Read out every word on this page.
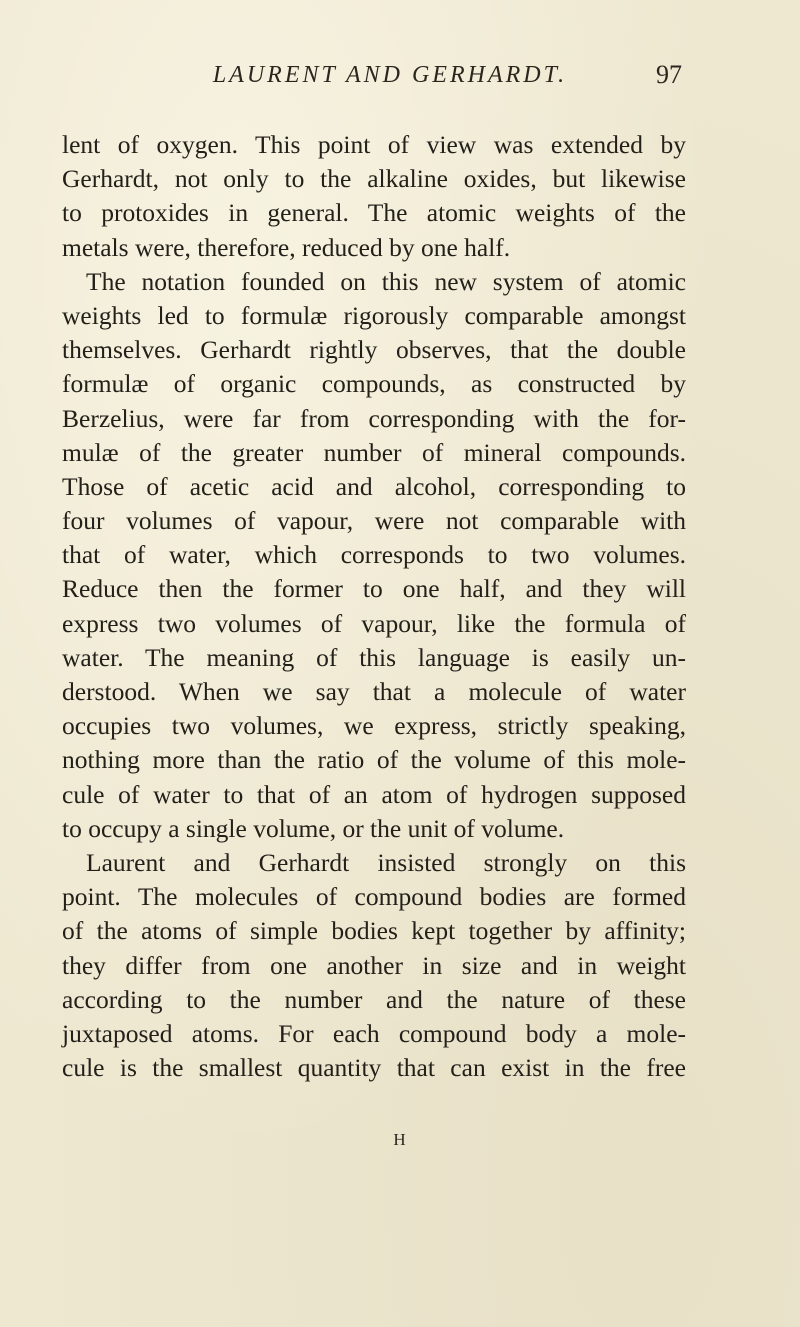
LAURENT AND GERHARDT.	97
lent of oxygen. This point of view was extended by
Gerhardt, not only to the alkaline oxides, but likewise
to protoxides in general. The atomic weights of the
metals were, therefore, reduced by one half.
The notation founded on this new system of atomic
weights led to formulæ rigorously comparable amongst
themselves. Gerhardt rightly observes, that the double
formulæ of organic compounds, as constructed by
Berzelius, were far from corresponding with the for-
mulæ of the greater number of mineral compounds.
Those of acetic acid and alcohol, corresponding to
four volumes of vapour, were not comparable with
that of water, which corresponds to two volumes.
Reduce then the former to one half, and they will
express two volumes of vapour, like the formula of
water. The meaning of this language is easily un-
derstood. When we say that a molecule of water
occupies two volumes, we express, strictly speaking,
nothing more than the ratio of the volume of this mole-
cule of water to that of an atom of hydrogen supposed
to occupy a single volume, or the unit of volume.
Laurent and Gerhardt insisted strongly on this
point. The molecules of compound bodies are formed
of the atoms of simple bodies kept together by affinity;
they differ from one another in size and in weight
according to the number and the nature of these
juxtaposed atoms. For each compound body a mole-
cule is the smallest quantity that can exist in the free
H
